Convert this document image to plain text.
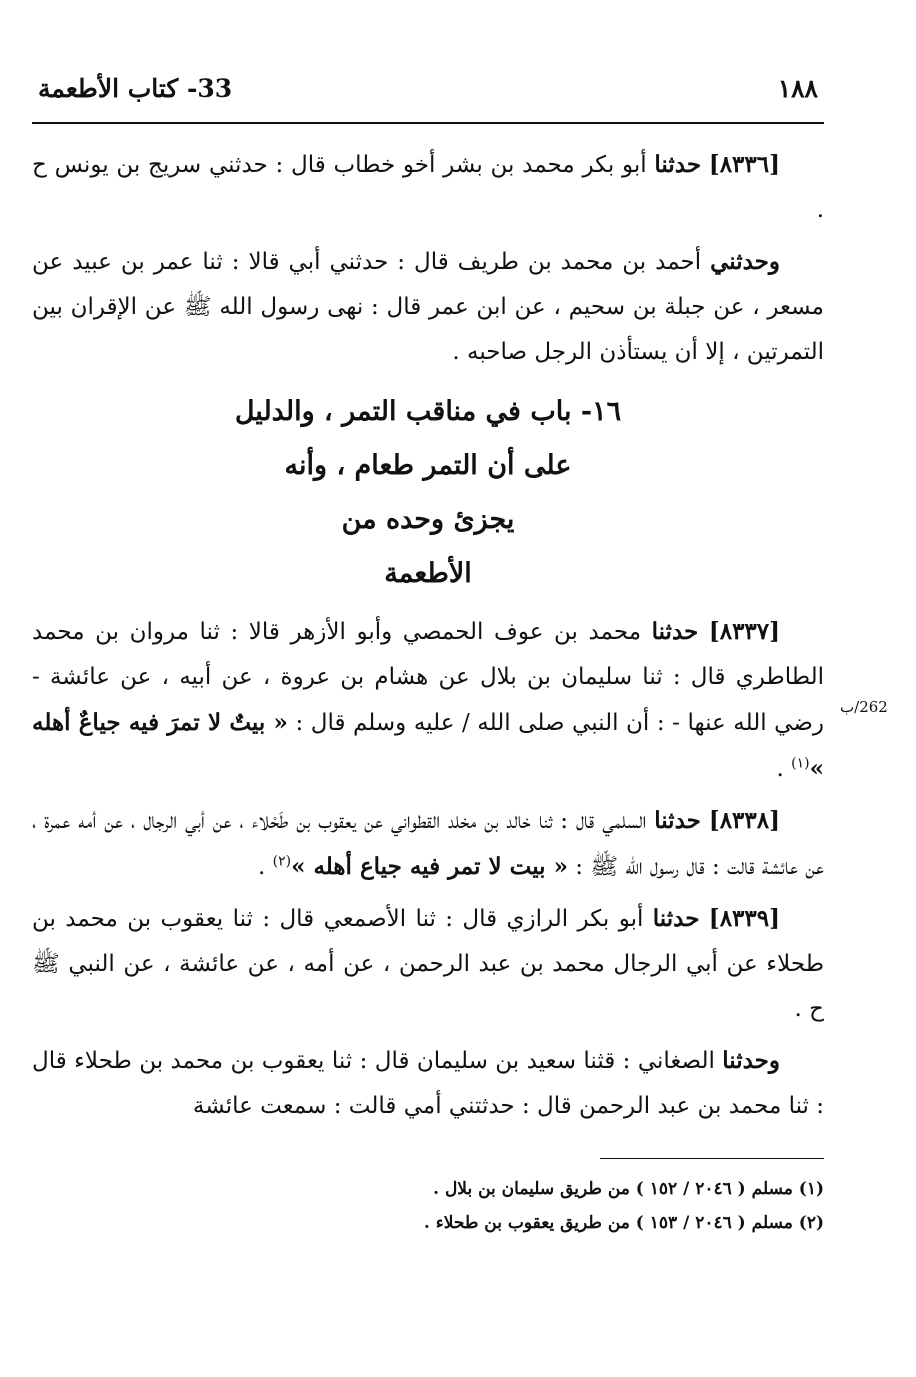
١٨٨
33- كتاب الأطعمة
262/ب

[٨٣٣٦] حدثنا أبو بكر محمد بن بشر أخو خطاب قال : حدثني سريج بن يونس ح .

وحدثني أحمد بن محمد بن طريف قال : حدثني أبي قالا : ثنا عمر بن عبيد عن مسعر ، عن جبلة بن سحيم ، عن ابن عمر قال : نهى رسول الله ﷺ عن الإقران بين التمرتين ، إلا أن يستأذن الرجل صاحبه .

١٦- باب في مناقب التمر ، والدليل
على أن التمر طعام ، وأنه
يجزئ وحده من
الأطعمة

[٨٣٣٧] حدثنا محمد بن عوف الحمصي وأبو الأزهر قالا : ثنا مروان بن محمد الطاطري قال : ثنا سليمان بن بلال عن هشام بن عروة ، عن أبيه ، عن عائشة - رضي الله عنها - : أن النبي صلى الله / عليه وسلم قال : « بيتٌ لا تمرَ فيه جياعٌ أهله »$^{(١)}$ .

[٨٣٣٨] حدثنا السلمي قال : ثنا خالد بن مخلد القطواني عن يعقوب بن طَحْلاء ، عن أبي الرجال ، عن أمه عمرة ، عن عائشة قالت : قال رسول الله ﷺ : « بيت لا تمر فيه جياع أهله »$^{(٢)}$ .

[٨٣٣٩] حدثنا أبو بكر الرازي قال : ثنا الأصمعي قال : ثنا يعقوب بن محمد بن طحلاء عن أبي الرجال محمد بن عبد الرحمن ، عن أمه ، عن عائشة ، عن النبي ﷺ ح .

وحدثنا الصغاني : قثنا سعيد بن سليمان قال : ثنا يعقوب بن محمد بن طحلاء قال : ثنا محمد بن عبد الرحمن قال : حدثتني أمي قالت : سمعت عائشة

(١) مسلم ( ٢٠٤٦ / ١٥٢ ) من طريق سليمان بن بلال .
(٢) مسلم ( ٢٠٤٦ / ١٥٣ ) من طريق يعقوب بن طحلاء .
